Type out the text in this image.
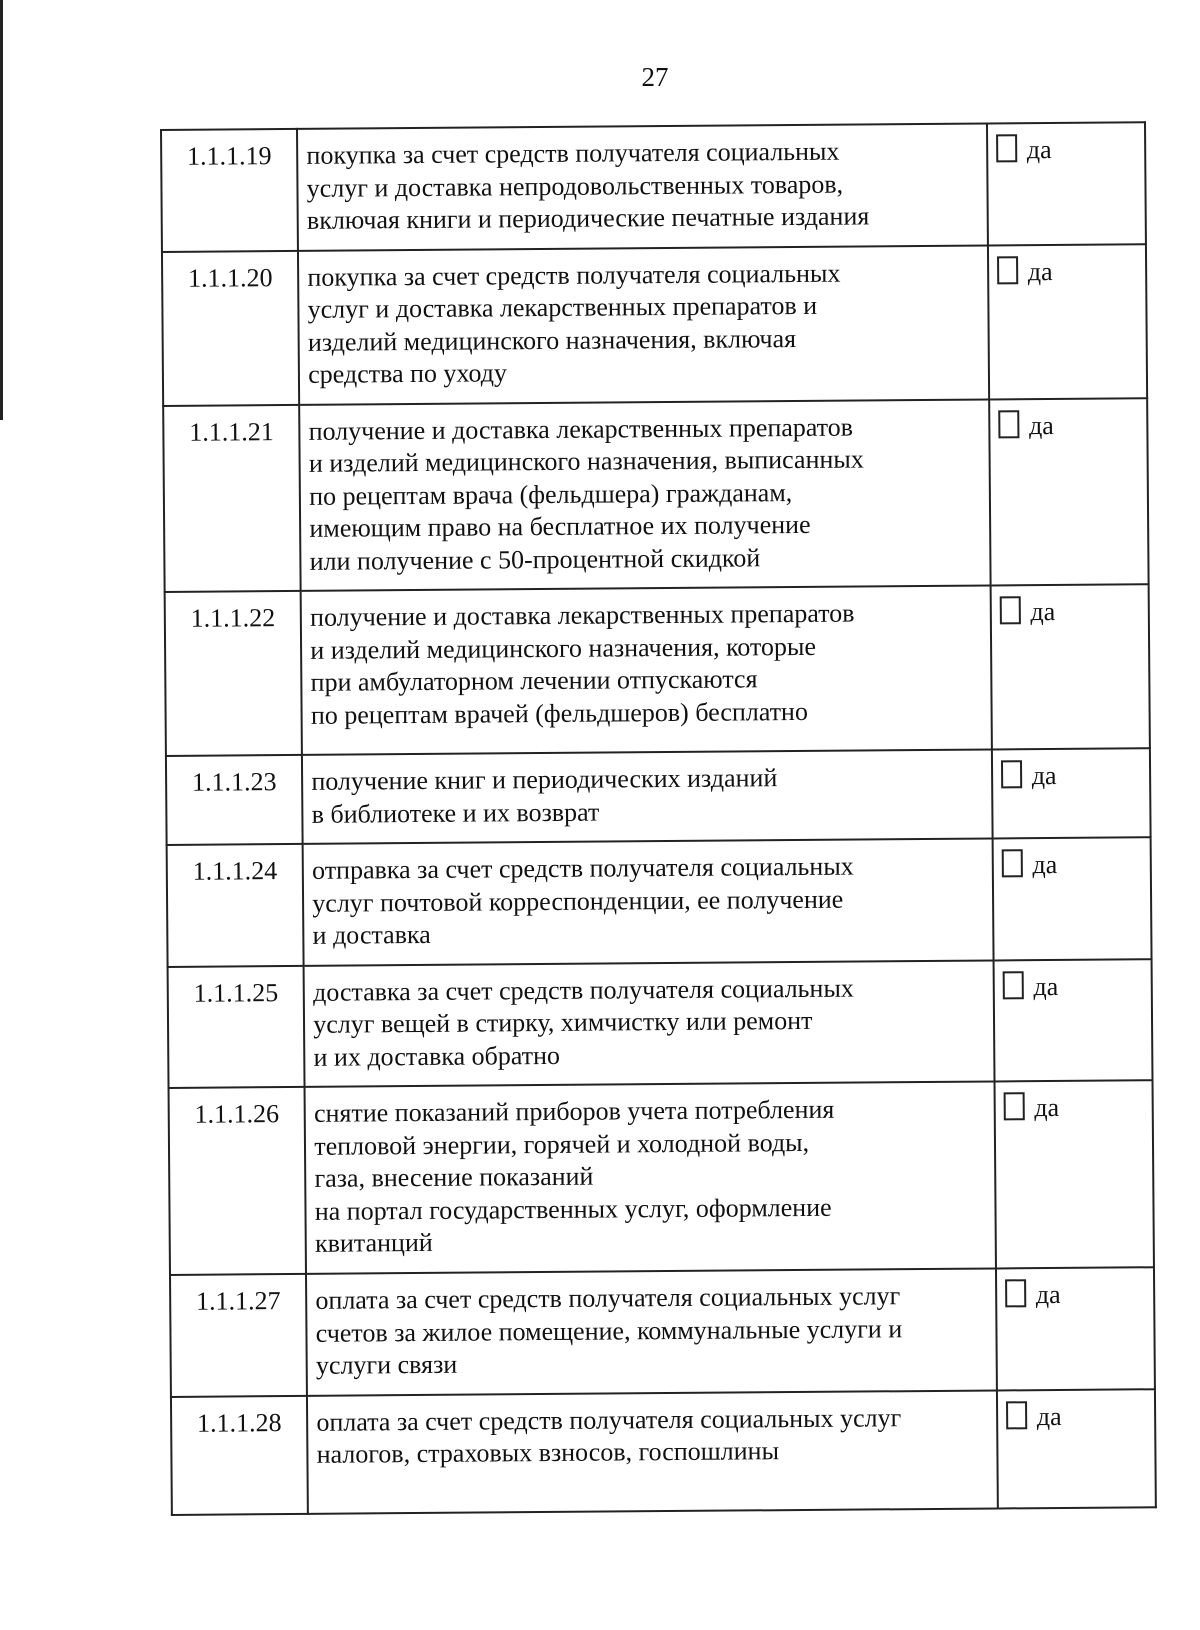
27
1.1.1.19	покупка за счет средств получателя социальных
услуг и доставка непродовольственных товаров,
включая книги и периодические печатные издания	да
1.1.1.20	покупка за счет средств получателя социальных
услуг и доставка лекарственных препаратов и
изделий медицинского назначения, включая
средства по уходу	да
1.1.1.21	получение и доставка лекарственных препаратов
и изделий медицинского назначения, выписанных
по рецептам врача (фельдшера) гражданам,
имеющим право на бесплатное их получение
или получение с 50-процентной скидкой	да
1.1.1.22	получение и доставка лекарственных препаратов
и изделий медицинского назначения, которые
при амбулаторном лечении отпускаются
по рецептам врачей (фельдшеров) бесплатно	да
1.1.1.23	получение книг и периодических изданий
в библиотеке и их возврат	да
1.1.1.24	отправка за счет средств получателя социальных
услуг почтовой корреспонденции, ее получение
и доставка	да
1.1.1.25	доставка за счет средств получателя социальных
услуг вещей в стирку, химчистку или ремонт
и их доставка обратно	да
1.1.1.26	снятие показаний приборов учета потребления
тепловой энергии, горячей и холодной воды,
газа, внесение показаний
на портал государственных услуг, оформление
квитанций	да
1.1.1.27	оплата за счет средств получателя социальных услуг
счетов за жилое помещение, коммунальные услуги и
услуги связи	да
1.1.1.28	оплата за счет средств получателя социальных услуг
налогов, страховых взносов, госпошлины	да
